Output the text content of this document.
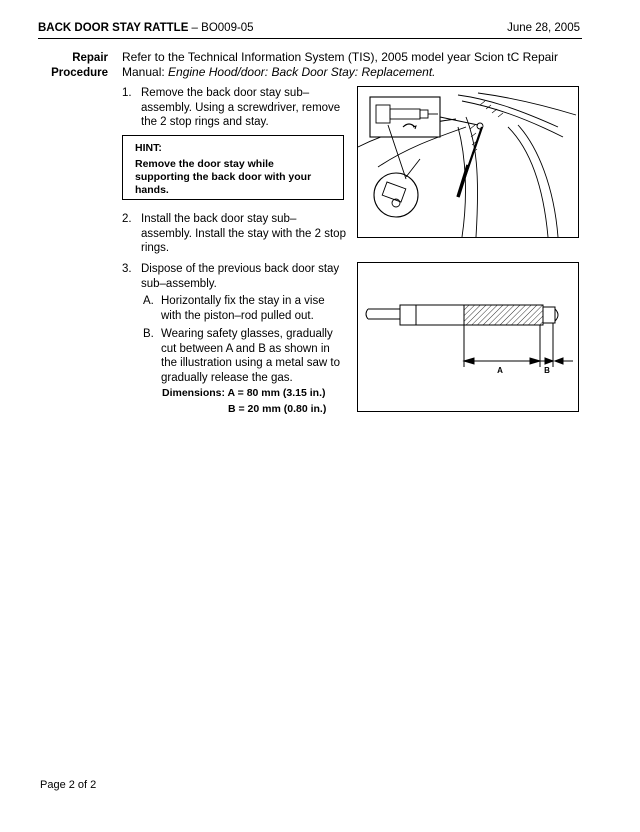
BACK DOOR STAY RATTLE – BO009-05	June 28, 2005
Repair
Procedure
Refer to the Technical Information System (TIS), 2005 model year Scion tC Repair Manual: Engine Hood/door: Back Door Stay: Replacement.
1. Remove the back door stay sub–assembly. Using a screwdriver, remove the 2 stop rings and stay.
HINT:
Remove the door stay while supporting the back door with your hands.
2. Install the back door stay sub–assembly. Install the stay with the 2 stop rings.
3. Dispose of the previous back door stay sub–assembly.
A. Horizontally fix the stay in a vise with the piston–rod pulled out.
B. Wearing safety glasses, gradually cut between A and B as shown in the illustration using a metal saw to gradually release the gas.
Dimensions: A = 80 mm (3.15 in.)
B = 20 mm (0.80 in.)
A	B
Page 2 of 2
